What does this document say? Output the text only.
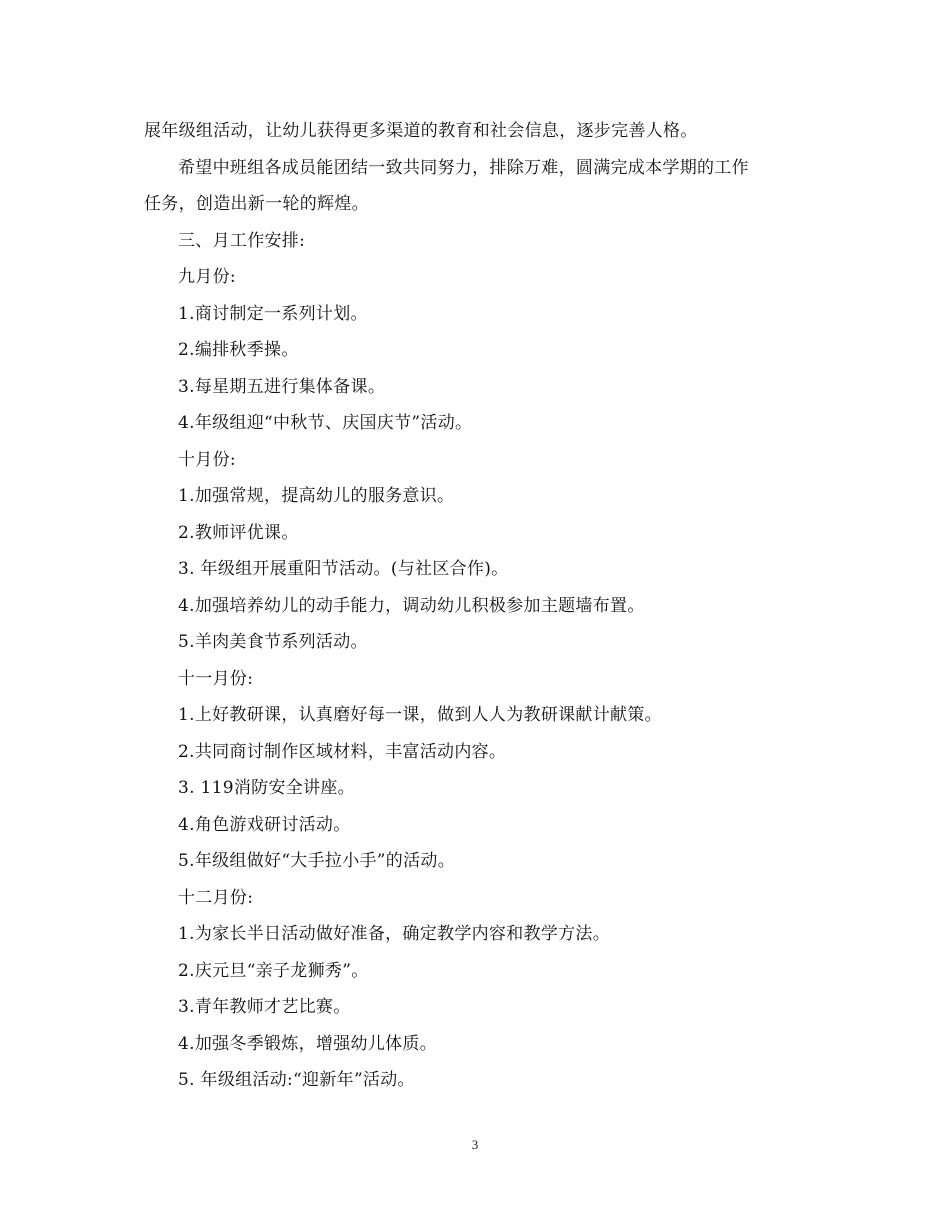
展年级组活动，让幼儿获得更多渠道的教育和社会信息，逐步完善人格。
希望中班组各成员能团结一致共同努力，排除万难，圆满完成本学期的工作
任务，创造出新一轮的辉煌。
三、月工作安排:
九月份:
1.商讨制定一系列计划。
2.编排秋季操。
3.每星期五进行集体备课。
4.年级组迎“中秋节、庆国庆节”活动。
十月份:
1.加强常规，提高幼儿的服务意识。
2.教师评优课。
3. 年级组开展重阳节活动。(与社区合作)。
4.加强培养幼儿的动手能力，调动幼儿积极参加主题墙布置。
5.羊肉美食节系列活动。
十一月份:
1.上好教研课，认真磨好每一课，做到人人为教研课献计献策。
2.共同商讨制作区域材料，丰富活动内容。
3. 119消防安全讲座。
4.角色游戏研讨活动。
5.年级组做好“大手拉小手”的活动。
十二月份:
1.为家长半日活动做好准备，确定教学内容和教学方法。
2.庆元旦“亲子龙狮秀”。
3.青年教师才艺比赛。
4.加强冬季锻炼，增强幼儿体质。
5. 年级组活动:“迎新年”活动。
3
